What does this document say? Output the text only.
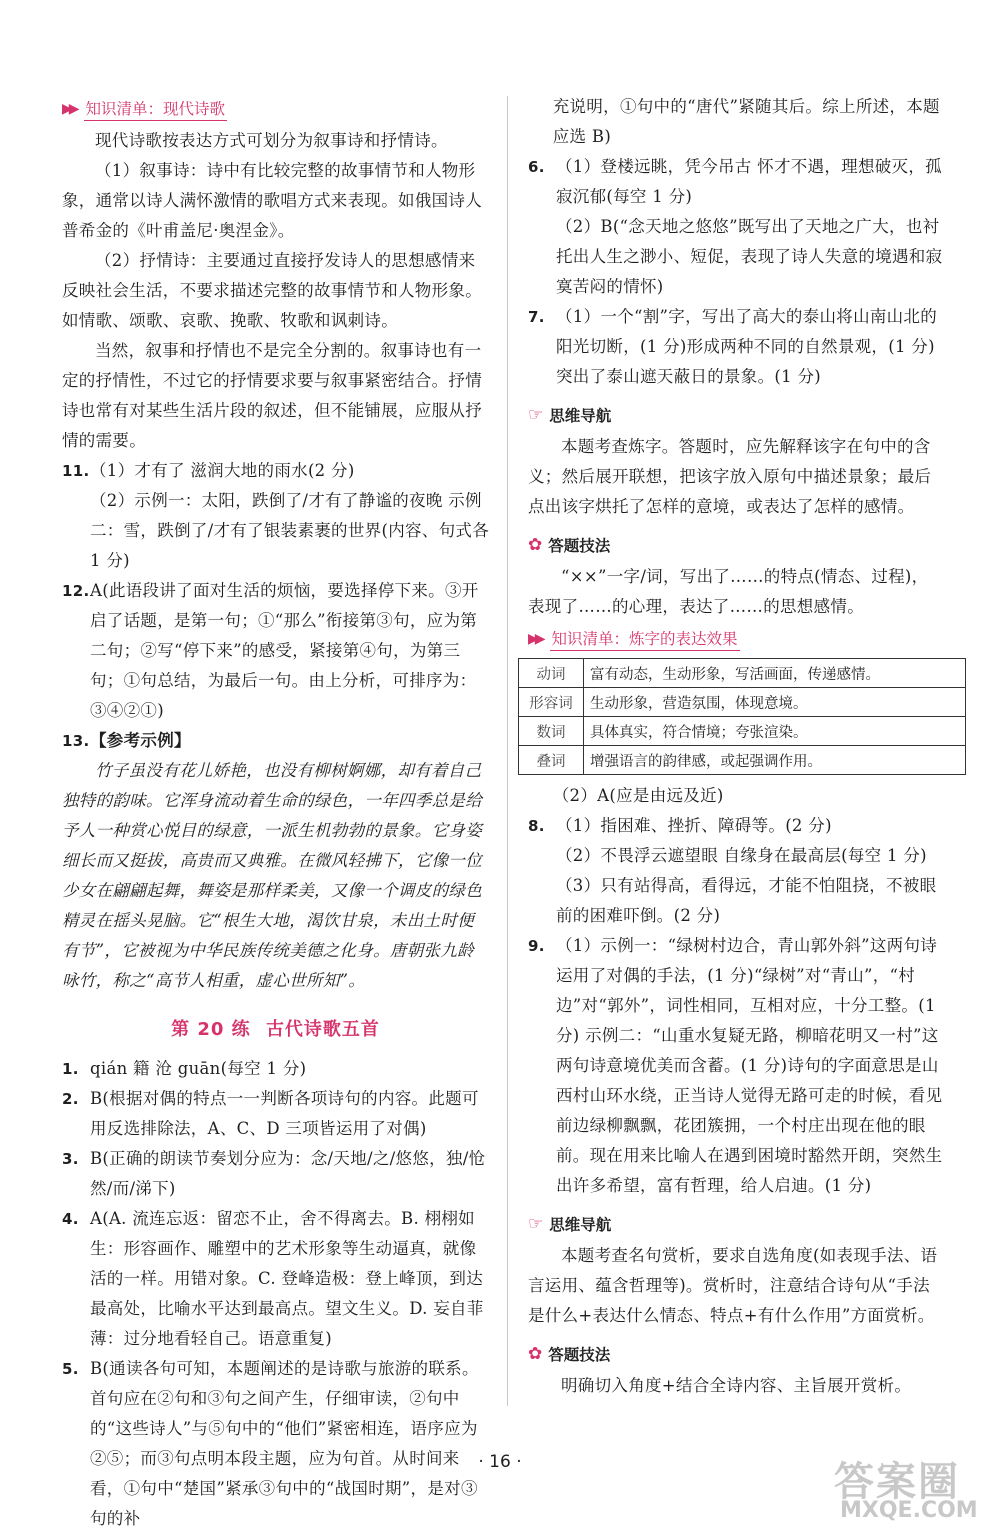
▶▶ 知识清单：现代诗歌

现代诗歌按表达方式可划分为叙事诗和抒情诗。

（1）叙事诗：诗中有比较完整的故事情节和人物形象，通常以诗人满怀激情的歌唱方式来表现。如俄国诗人普希金的《叶甫盖尼·奥涅金》。

（2）抒情诗：主要通过直接抒发诗人的思想感情来反映社会生活，不要求描述完整的故事情节和人物形象。如情歌、颂歌、哀歌、挽歌、牧歌和讽刺诗。

当然，叙事和抒情也不是完全分割的。叙事诗也有一定的抒情性，不过它的抒情要求要与叙事紧密结合。抒情诗也常有对某些生活片段的叙述，但不能铺展，应服从抒情的需要。

11. （1）才有了 滋润大地的雨水(2 分)

（2）示例一：太阳，跌倒了/才有了静谧的夜晚 示例二：雪，跌倒了/才有了银装素裹的世界(内容、句式各1 分)

12. A(此语段讲了面对生活的烦恼，要选择停下来。③开启了话题，是第一句；①“那么”衔接第③句，应为第二句；②写“停下来”的感受，紧接第④句，为第三句；①句总结，为最后一句。由上分析，可排序为：③④②①)

13. 【参考示例】

竹子虽没有花儿娇艳，也没有柳树婀娜，却有着自己独特的韵味。它浑身流动着生命的绿色，一年四季总是给予人一种赏心悦目的绿意，一派生机勃勃的景象。它身姿细长而又挺拔，高贵而又典雅。在微风轻拂下，它像一位少女在翩翩起舞，舞姿是那样柔美，又像一个调皮的绿色精灵在摇头晃脑。它“根生大地，渴饮甘泉，未出土时便有节”，它被视为中华民族传统美德之化身。唐朝张九龄咏竹，称之“高节人相重，虚心世所知”。

第 20 练 古代诗歌五首
1. qián 籍 沧 guān(每空 1 分)

2. B(根据对偶的特点一一判断各项诗句的内容。此题可用反选排除法，A、C、D 三项皆运用了对偶)

3. B(正确的朗读节奏划分应为：念/天地/之/悠悠，独/怆然/而/涕下)

4. A(A. 流连忘返：留恋不止，舍不得离去。B. 栩栩如生：形容画作、雕塑中的艺术形象等生动逼真，就像活的一样。用错对象。C. 登峰造极：登上峰顶，到达最高处，比喻水平达到最高点。望文生义。D. 妄自菲薄：过分地看轻自己。语意重复)

5. B(通读各句可知，本题阐述的是诗歌与旅游的联系。首句应在②句和③句之间产生，仔细审读，②句中的“这些诗人”与⑤句中的“他们”紧密相连，语序应为②⑤；而③句点明本段主题，应为句首。从时间来看，①句中“楚国”紧承③句中的“战国时期”，是对③句的补

充说明，①句中的“唐代”紧随其后。综上所述，本题应选 B)

6. （1）登楼远眺，凭今吊古 怀才不遇，理想破灭，孤寂沉郁(每空 1 分)

（2）B(“念天地之悠悠”既写出了天地之广大，也衬托出人生之渺小、短促，表现了诗人失意的境遇和寂寞苦闷的情怀)

7. （1）一个“割”字，写出了高大的泰山将山南山北的阳光切断，(1 分)形成两种不同的自然景观，(1 分)突出了泰山遮天蔽日的景象。(1 分)

☞ 思维导航

本题考查炼字。答题时，应先解释该字在句中的含义；然后展开联想，把该字放入原句中描述景象；最后点出该字烘托了怎样的意境，或表达了怎样的感情。

✿ 答题技法

“××”一字/词，写出了……的特点(情态、过程)，表现了……的心理，表达了……的思想感情。

▶▶ 知识清单：炼字的表达效果
动词	富有动态，生动形象，写活画面，传递感情。
形容词	生动形象，营造氛围，体现意境。
数词	具体真实，符合情境；夸张渲染。
叠词	增强语言的韵律感，或起强调作用。

（2）A(应是由远及近)

8. （1）指困难、挫折、障碍等。(2 分)

（2）不畏浮云遮望眼 自缘身在最高层(每空 1 分)

（3）只有站得高，看得远，才能不怕阻挠，不被眼前的困难吓倒。(2 分)

9. （1）示例一：“绿树村边合，青山郭外斜”这两句诗运用了对偶的手法，(1 分)“绿树”对“青山”，“村边”对“郭外”，词性相同，互相对应，十分工整。(1 分) 示例二：“山重水复疑无路，柳暗花明又一村”这两句诗意境优美而含蓄。(1 分)诗句的字面意思是山西村山环水绕，正当诗人觉得无路可走的时候，看见前边绿柳飘飘，花团簇拥，一个村庄出现在他的眼前。现在用来比喻人在遇到困境时豁然开朗，突然生出许多希望，富有哲理，给人启迪。(1 分)

☞ 思维导航

本题考查名句赏析，要求自选角度(如表现手法、语言运用、蕴含哲理等)。赏析时，注意结合诗句从“手法是什么+表达什么情态、特点+有什么作用”方面赏析。

✿ 答题技法

明确切入角度+结合全诗内容、主旨展开赏析。

· 16 ·	答案圈
MXQE.COM
